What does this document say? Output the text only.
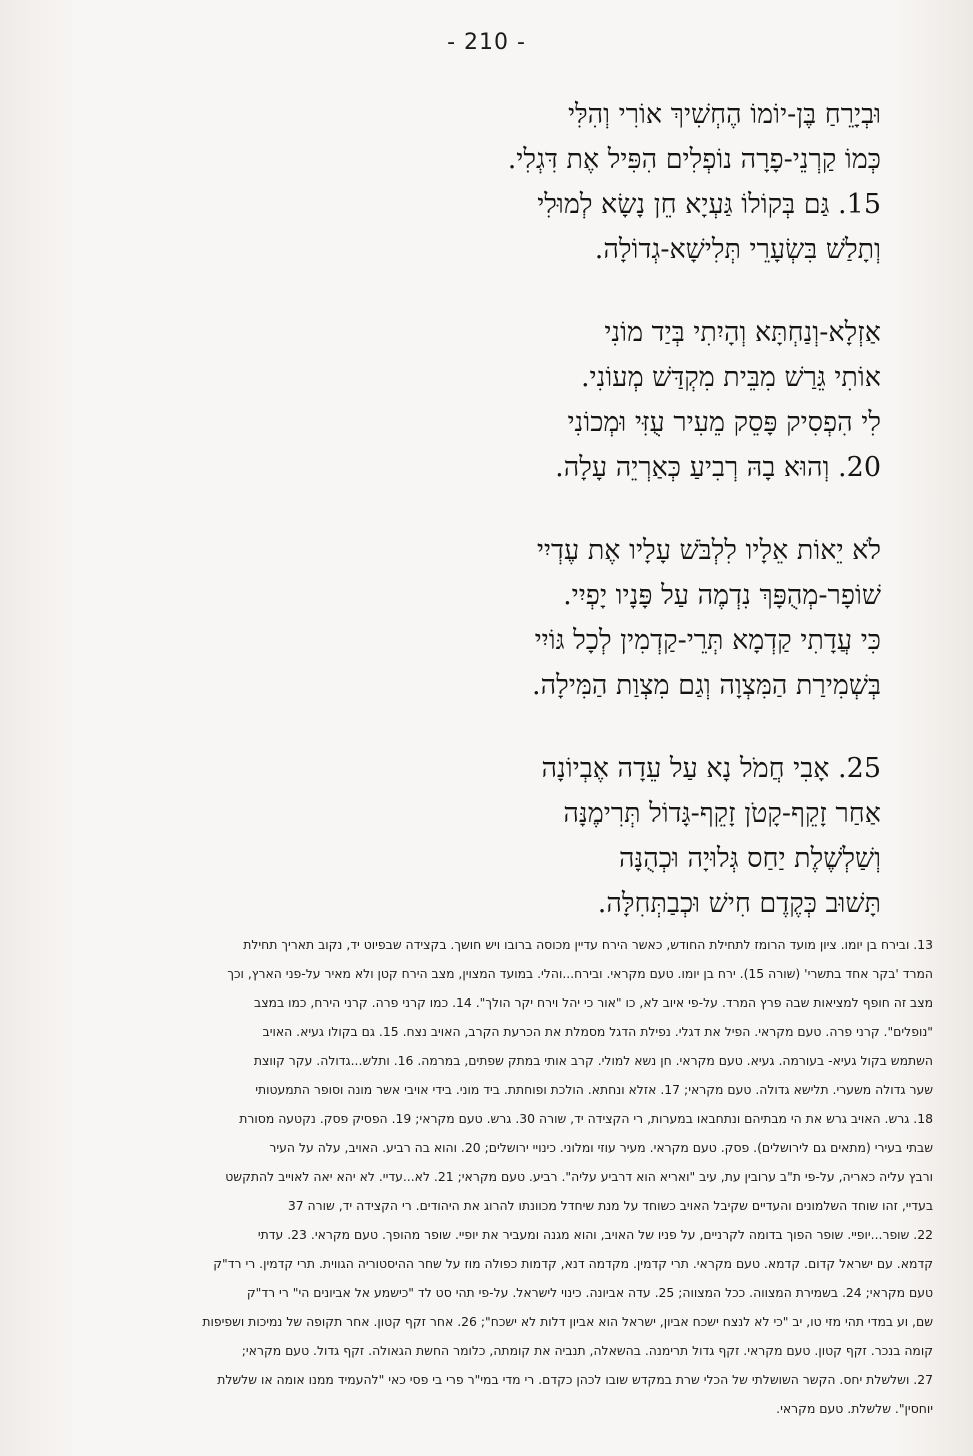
- 210 -
וּבְיָרֵחַ בֶּן-יוֹמוֹ הֶחְשִׁיךְ אוֹרִי וְהִלִּי
כְּמוֹ קַרְנֵי-פָרָה נוֹפְלִים הִפִּיל אֶת דִּגְלִי.
15. גַּם בְּקוֹלוֹ גַּעְיָא חֵן נָשָׂא לְמוּלִי
וְתָלַשׁ בִּשְׂעָרֵי תְּלִישָׁא-גְדוֹלָה.
אַזְלָא-וְנַחְתָּא וְהָיִתִי בְּיַד מוֹנִי
אוֹתִי גֵּרַשׁ מִבֵּית מִקְדַּשׁ מְעוֹנִי.
לִי הִפְסִיק פָּסֵק מֵעִיר עֻזִּי וּמְכוֹנִי
20. וְהוּא בָהּ רְבִיעַ כְּאַרְיֵה עָלָה.
לֹא יֵאוֹת אֵלָיו לִלְבֹּשׁ עָלָיו אֶת עֶדְיִי
שׁוֹפָר-מְהֻפָּךְ נִדְמֶה עַל פָּנָיו יָפְיִי.
כִּי עֲדָתִי קַדְמָא תְּרֵי-קַדְמִין לְכָל גּוֹיִי
בְּשְׁמִירַת הַמִּצְוָה וְגַם מִצְוַת הַמִּילָה.
25. אָבִי חֲמֹל נָא עַל עֵדָה אֶבְיוֹנָה
אַחַר זָקֵף-קָטֹן זָקֵף-גָּדוֹל תְּרִימֶנָּה
וְשַׁלְשֶׁלֶת יַחַס גְּלוּיָה וּכְהֻנָּה
תָּשׁוּב כְּקֶדֶם חִישׁ וּכְבַתְּחִלָּה.
13. ובירח בן יומו. ציון מועד הרומז לתחילת החודש, כאשר הירח עדיין מכוסה ברובו ויש חושך. בקצידה שבפיוט יד, נקוב תאריך תחילת
המרד 'בקר אחד בתשרי' (שורה 15). ירח בן יומו. טעם מקראי. ובירח...והלי. במועד המצוין, מצב הירח קטן ולא מאיר על-פני הארץ, וכך
מצב זה חופף למציאות שבה פרץ המרד. על-פי איוב לא, כו "אור כי יהל וירח יקר הולך". 14. כמו קרני פרה. קרני הירח, כמו במצב
"נופלים". קרני פרה. טעם מקראי. הפיל את דגלי. נפילת הדגל מסמלת את הכרעת הקרב, האויב נצח. 15. גם בקולו געיא. האויב
השתמש בקול געיא- בעורמה. געיא. טעם מקראי. חן נשא למולי. קרב אותי במתק שפתים, במרמה. 16. ותלש...גדולה. עקר קווצת
שער גדולה משערי. תלישא גדולה. טעם מקראי; 17. אזלא ונחתא. הולכת ופוחתת. ביד מוני. בידי אויבי אשר מונה וסופר התמעטותי
18. גרש. האויב גרש את הי מבתיהם ונתחבאו במערות, רי הקצידה יד, שורה 30. גרש. טעם מקראי; 19. הפסיק פסק. נקטעה מסורת
שבתי בעירי (מתאים גם לירושלים). פסק. טעם מקראי. מעיר עוזי ומלוני. כינויי ירושלים; 20. והוא בה רביע. האויב, עלה על העיר
ורבץ עליה כאריה, על-פי ת"ב ערובין עת, עיב "ואריא הוא דרביע עליה". רביע. טעם מקראי; 21. לא...עדיי. לא יהא יאה לאוייב להתקשט
בעדיי, זהו שוחד השלמונים והעדיים שקיבל האויב כשוחד על מנת שיחדל מכוונתו להרוג את היהודים. רי הקצידה יד, שורה 37
22. שופר...יופיי. שופר הפוך בדומה לקרניים, על פניו של האויב, והוא מגנה ומעביר את יופיי. שופר מהופך. טעם מקראי. 23. עדתי
קדמא. עם ישראל קדום. קדמא. טעם מקראי. תרי קדמין. מקדמה דנא, קדמות כפולה מוז על שחר ההיסטוריה הגווית. תרי קדמין. רי רד"ק
טעם מקראי; 24. בשמירת המצווה. ככל המצווה; 25. עדה אביונה. כינוי לישראל. על-פי תהי סט לד "כישמע אל אביונים הי" רי רד"ק
שם, וע במדי תהי מזי טו, יב "כי לא לנצח ישכח אביון, ישראל הוא אביון דלות לא ישכח"; 26. אחר זקף קטון. אחר תקופה של נמיכות ושפיפות
קומה בנכר. זקף קטון. טעם מקראי. זקף גדול תרימנה. בהשאלה, תנביה את קומתה, כלומר החשת הגאולה. זקף גדול. טעם מקראי;
27. ושלשלת יחס. הקשר השושלתי של הכלי שרת במקדש שובו לכהן כקדם. רי מדי במי"ר פרי בי פסי כאי "להעמיד ממנו אומה או שלשלת
יוחסין". שלשלת. טעם מקראי.
